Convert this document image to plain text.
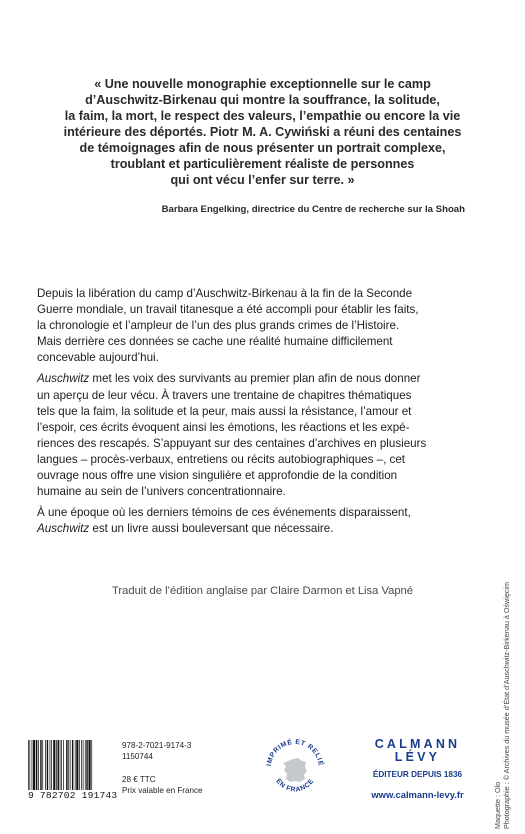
« Une nouvelle monographie exceptionnelle sur le camp
d’Auschwitz-Birkenau qui montre la souffrance, la solitude,
la faim, la mort, le respect des valeurs, l’empathie ou encore la vie
intérieure des déportés. Piotr M. A. Cywiński a réuni des centaines
de témoignages afin de nous présenter un portrait complexe,
troublant et particulièrement réaliste de personnes
qui ont vécu l’enfer sur terre. »
Barbara Engelking, directrice du Centre de recherche sur la Shoah

Depuis la libération du camp d’Auschwitz-Birkenau à la fin de la Seconde
Guerre mondiale, un travail titanesque a été accompli pour établir les faits,
la chronologie et l’ampleur de l’un des plus grands crimes de l’Histoire.
Mais derrière ces données se cache une réalité humaine difficilement
concevable aujourd’hui.

Auschwitz met les voix des survivants au premier plan afin de nous donner
un aperçu de leur vécu. À travers une trentaine de chapitres thématiques
tels que la faim, la solitude et la peur, mais aussi la résistance, l’amour et
l’espoir, ces écrits évoquent ainsi les émotions, les réactions et les expé-
riences des rescapés. S’appuyant sur des centaines d’archives en plusieurs
langues – procès-verbaux, entretiens ou récits autobiographiques –, cet
ouvrage nous offre une vision singulière et approfondie de la condition
humaine au sein de l’univers concentrationnaire.

À une époque où les derniers témoins de ces événements disparaissent,
Auschwitz est un livre aussi bouleversant que nécessaire.

Traduit de l’édition anglaise par Claire Darmon et Lisa Vapné
Maquette : Olo Photographie : © Archives du musée d’État d’Auschwitz-Birkenau à Oświęcim
9 782702 191743
978-2-7021-9174-3
1150744
28 € TTC
Prix valable en France
IMPRIMÉ ET RELIÉ
EN FRANCE
CALMANN
LÉVY
ÉDITEUR DEPUIS 1836
www.calmann-levy.fr
